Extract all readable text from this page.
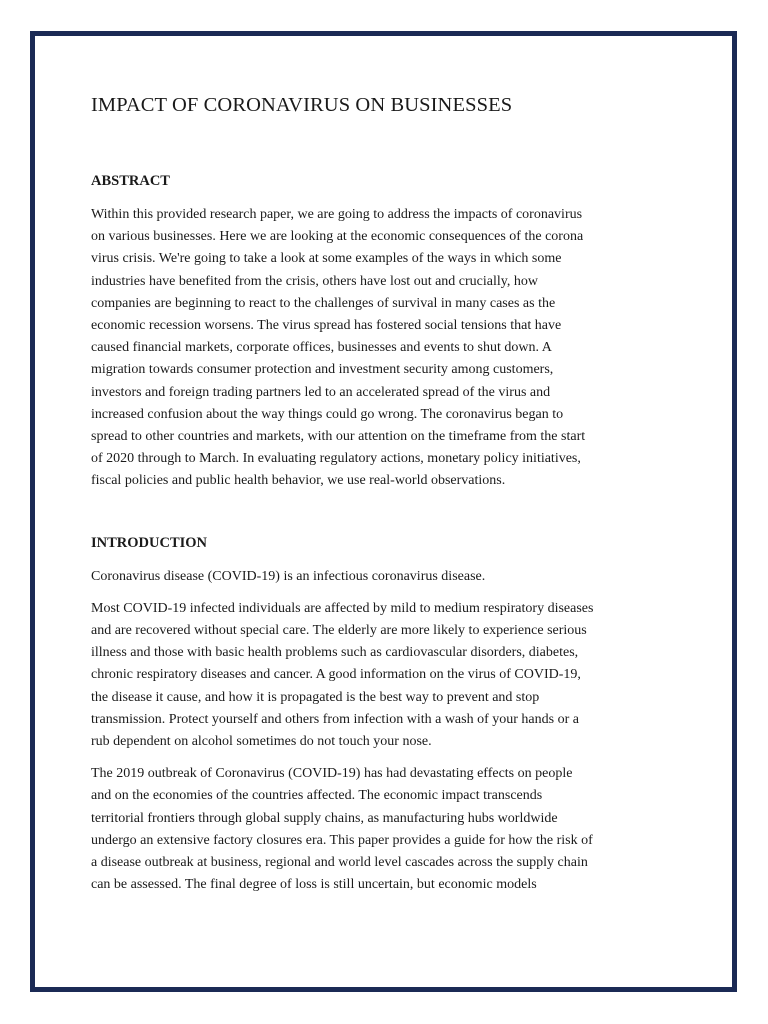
IMPACT OF CORONAVIRUS ON BUSINESSES
ABSTRACT
Within this provided research paper, we are going to address the impacts of coronavirus
on various businesses. Here we are looking at the economic consequences of the corona
virus crisis. We're going to take a look at some examples of the ways in which some
industries have benefited from the crisis, others have lost out and crucially, how
companies are beginning to react to the challenges of survival in many cases as the
economic recession worsens. The virus spread has fostered social tensions that have
caused financial markets, corporate offices, businesses and events to shut down. A
migration towards consumer protection and investment security among customers,
investors and foreign trading partners led to an accelerated spread of the virus and
increased confusion about the way things could go wrong. The coronavirus began to
spread to other countries and markets, with our attention on the timeframe from the start
of 2020 through to March. In evaluating regulatory actions, monetary policy initiatives,
fiscal policies and public health behavior, we use real-world observations.
INTRODUCTION
Coronavirus disease (COVID-19) is an infectious coronavirus disease.
Most COVID-19 infected individuals are affected by mild to medium respiratory diseases
and are recovered without special care. The elderly are more likely to experience serious
illness and those with basic health problems such as cardiovascular disorders, diabetes,
chronic respiratory diseases and cancer. A good information on the virus of COVID-19,
the disease it cause, and how it is propagated is the best way to prevent and stop
transmission. Protect yourself and others from infection with a wash of your hands or a
rub dependent on alcohol sometimes do not touch your nose.
The 2019 outbreak of Coronavirus (COVID-19) has had devastating effects on people
and on the economies of the countries affected. The economic impact transcends
territorial frontiers through global supply chains, as manufacturing hubs worldwide
undergo an extensive factory closures era. This paper provides a guide for how the risk of
a disease outbreak at business, regional and world level cascades across the supply chain
can be assessed. The final degree of loss is still uncertain, but economic models
